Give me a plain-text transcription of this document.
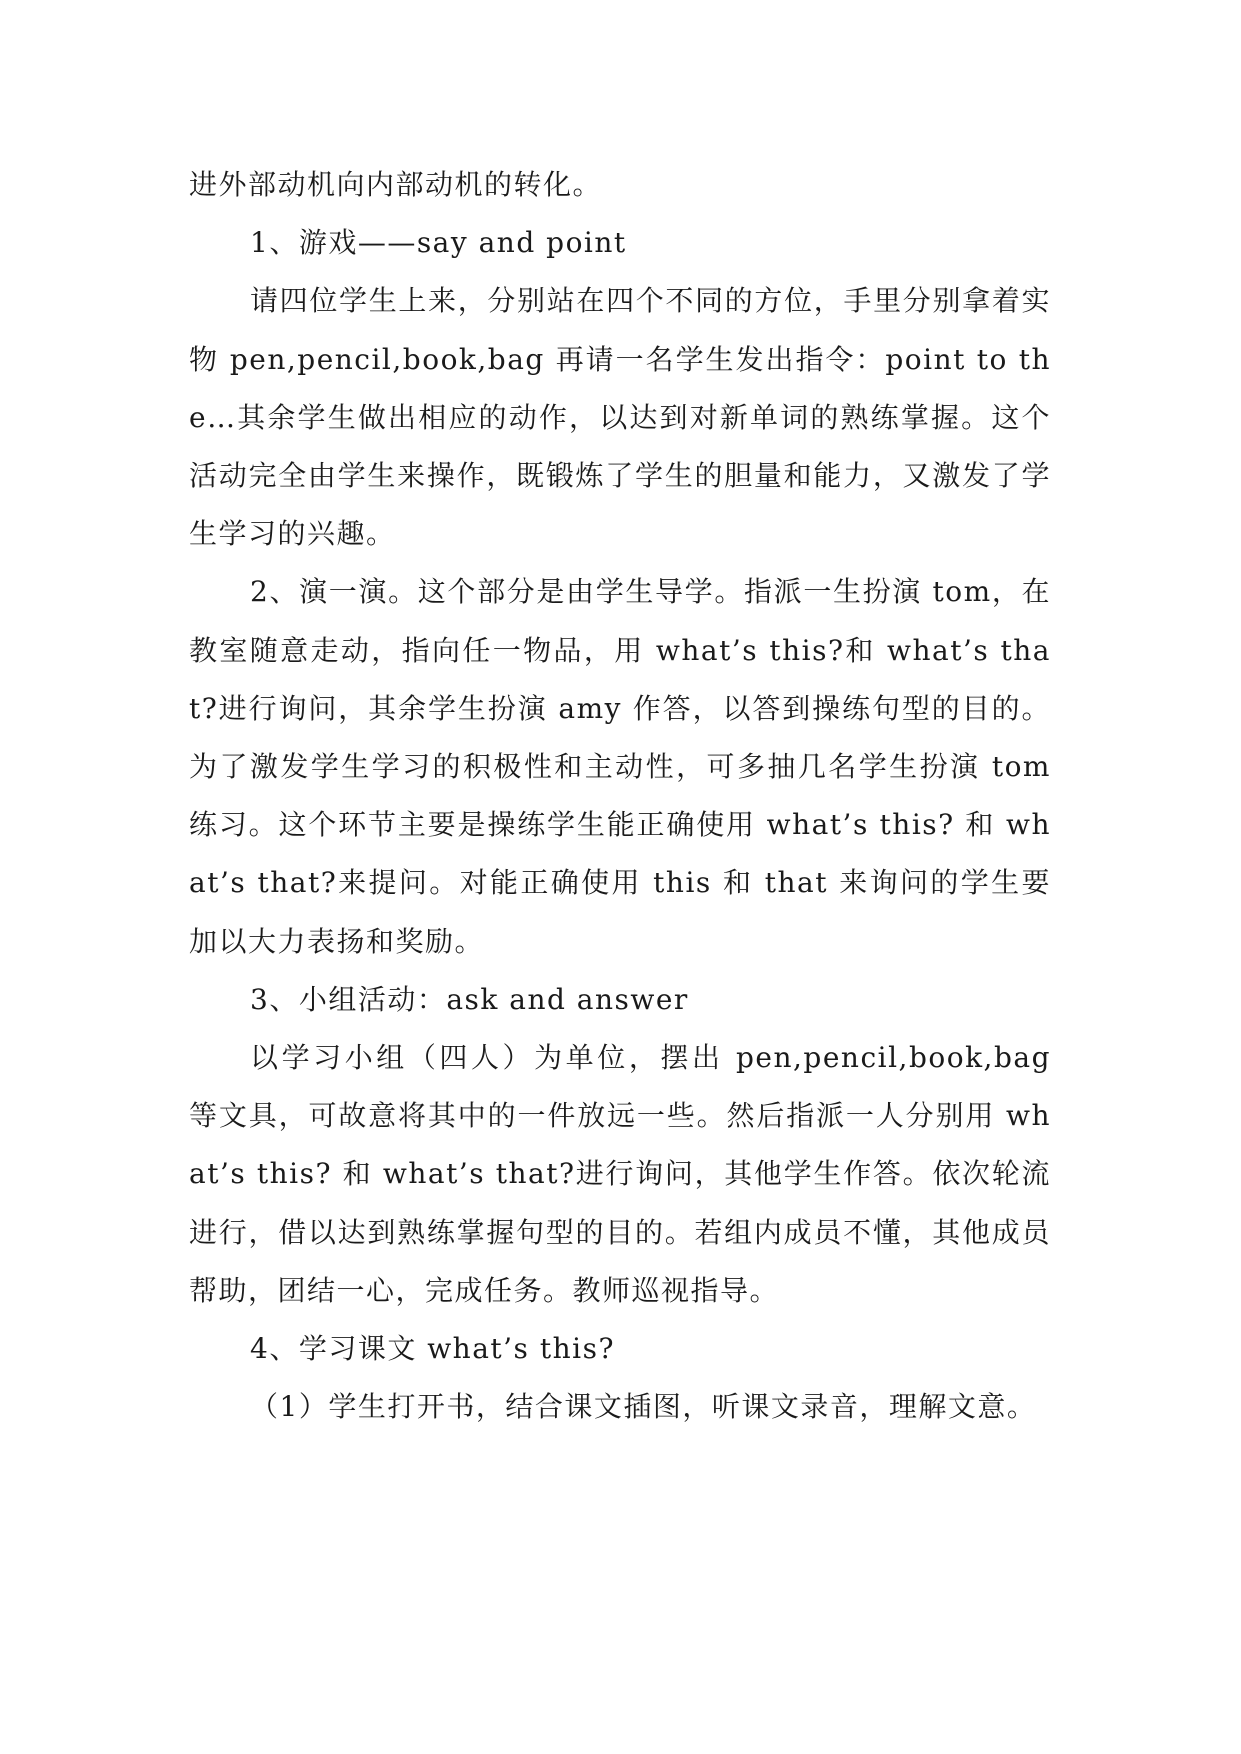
进外部动机向内部动机的转化。

1、游戏——say and point

请四位学生上来，分别站在四个不同的方位，手里分别拿着实物 pen,pencil,book,bag 再请一名学生发出指令：point to the…其余学生做出相应的动作，以达到对新单词的熟练掌握。这个活动完全由学生来操作，既锻炼了学生的胆量和能力，又激发了学生学习的兴趣。

2、演一演。这个部分是由学生导学。指派一生扮演 tom，在教室随意走动，指向任一物品，用 what’s this?和 what’s that?进行询问，其余学生扮演 amy 作答，以答到操练句型的目的。为了激发学生学习的积极性和主动性，可多抽几名学生扮演 tom 练习。这个环节主要是操练学生能正确使用 what’s this? 和 what’s that?来提问。对能正确使用 this 和 that 来询问的学生要加以大力表扬和奖励。

3、小组活动：ask and answer

以学习小组（四人）为单位，摆出 pen,pencil,book,bag 等文具，可故意将其中的一件放远一些。然后指派一人分别用 what’s this? 和 what’s that?进行询问，其他学生作答。依次轮流进行，借以达到熟练掌握句型的目的。若组内成员不懂，其他成员帮助，团结一心，完成任务。教师巡视指导。

4、学习课文 what’s this?

（1）学生打开书，结合课文插图，听课文录音，理解文意。
